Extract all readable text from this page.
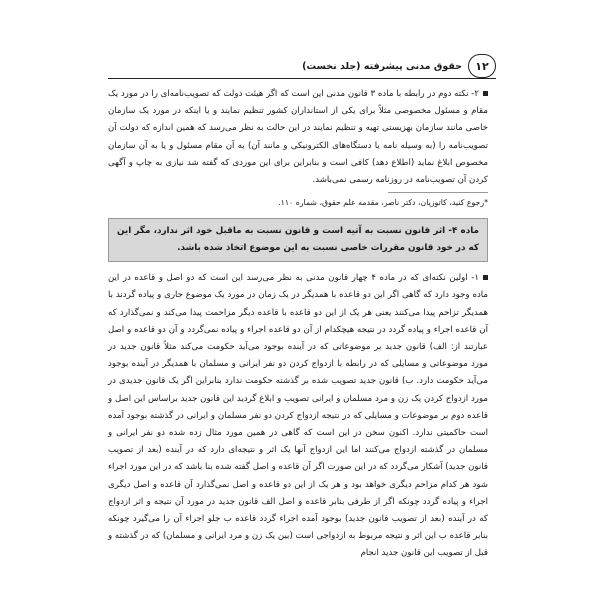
حقوق مدنی پیشرفته (جلد نخست)	۱۲

۲- نکته دوم در رابطه با ماده ۳ قانون مدنی این است که اگر هیئت دولت که تصویب‌نامه‌ای را در مورد یک مقام و مسئول مخصوصی مثلاً برای یکی از استانداران کشور تنظیم نمایند و یا اینکه در مورد یک سازمان خاصی مانند سازمان بهزیستی تهیه و تنظیم نمایند در این حالت به نظر می‌رسد که همین اندازه که دولت آن تصویب‌نامه را (به وسیله نامه یا دستگاه‌های الکترونیکی و مانند آن) به آن مقام مسئول و یا به آن سازمان مخصوص ابلاغ نماید (اطلاع دهد) کافی است و بنابراین برای این موردی که گفته شد نیازی به چاپ و آگهی کردن آن تصویب‌نامه در روزنامه رسمی نمی‌باشد.

*رجوع کنید، کاتوزیان، دکتر ناصر، مقدمه علم حقوق، شماره ۱۱۰.

ماده ۴- اثر قانون نسبت به آتیه است و قانون نسبت به ماقبل خود اثر ندارد، مگر این که در خود قانون مقررات خاصی نسبت به این موضوع اتخاذ شده باشد.

۱- اولین نکته‌ای که در ماده ۴ چهار قانون مدنی به نظر می‌رسد این است که دو اصل و قاعده در این ماده وجود دارد که گاهی اگر این دو قاعده با همدیگر در یک زمان در مورد یک موضوع جاری و پیاده گردند با همدیگر تزاحم پیدا می‌کنند یعنی هر یک از این دو قاعده با قاعده دیگر مزاحمت پیدا می‌کند و نمی‌گذارد که آن قاعده اجراء و پیاده گردد در نتیجه هیچکدام از آن دو قاعده اجراء و پیاده نمی‌گردد و آن دو قاعده و اصل عبارتند از: الف) قانون جدید بر موضوعاتی که در آینده بوجود می‌آید حکومت می‌کند مثلاً قانون جدید در مورد موضوعاتی و مسایلی که در رابطه با ازدواج کردن دو نفر ایرانی و مسلمان با همدیگر در آینده بوجود می‌آید حکومت دارد. ب) قانون جدید تصویب شده بر گذشته حکومت ندارد بنابراین اگر یک قانون جدیدی در مورد ازدواج کردن یک زن و مرد مسلمان و ایرانی تصویب و ابلاغ گردید این قانون جدید براساس این اصل و قاعده دوم بر موضوعات و مسایلی که در نتیجه ازدواج کردن دو نفر مسلمان و ایرانی در گذشته بوجود آمده است حاکمیتی ندارد. اکنون سخن در این است که گاهی در همین مورد مثال زده شده دو نفر ایرانی و مسلمان در گذشته ازدواج می‌کنند اما این ازدواج آنها یک اثر و نتیجه‌ای دارد که در آینده (بعد از تصویب قانون جدید) آشکار می‌گردد که در این صورت اگر آن قاعده و اصل گفته شده بنا باشد که در این مورد اجراء شود هر کدام مزاحم دیگری خواهد بود و هر یک از این دو قاعده و اصل نمی‌گذارد آن قاعده و اصل دیگری اجراء و پیاده گردد چونکه اگر از طرفی بنابر قاعده و اصل الف قانون جدید در مورد آن نتیجه و اثر ازدواج که در آینده (بعد از تصویب قانون جدید) بوجود آمده اجراء گردد قاعده ب جلو اجراء آن را می‌گیرد چونکه بنابر قاعده ب این اثر و نتیجه مربوط به ازدواجی است (بین یک زن و مرد ایرانی و مسلمان) که در گذشته و قبل از تصویب این قانون جدید انجام
